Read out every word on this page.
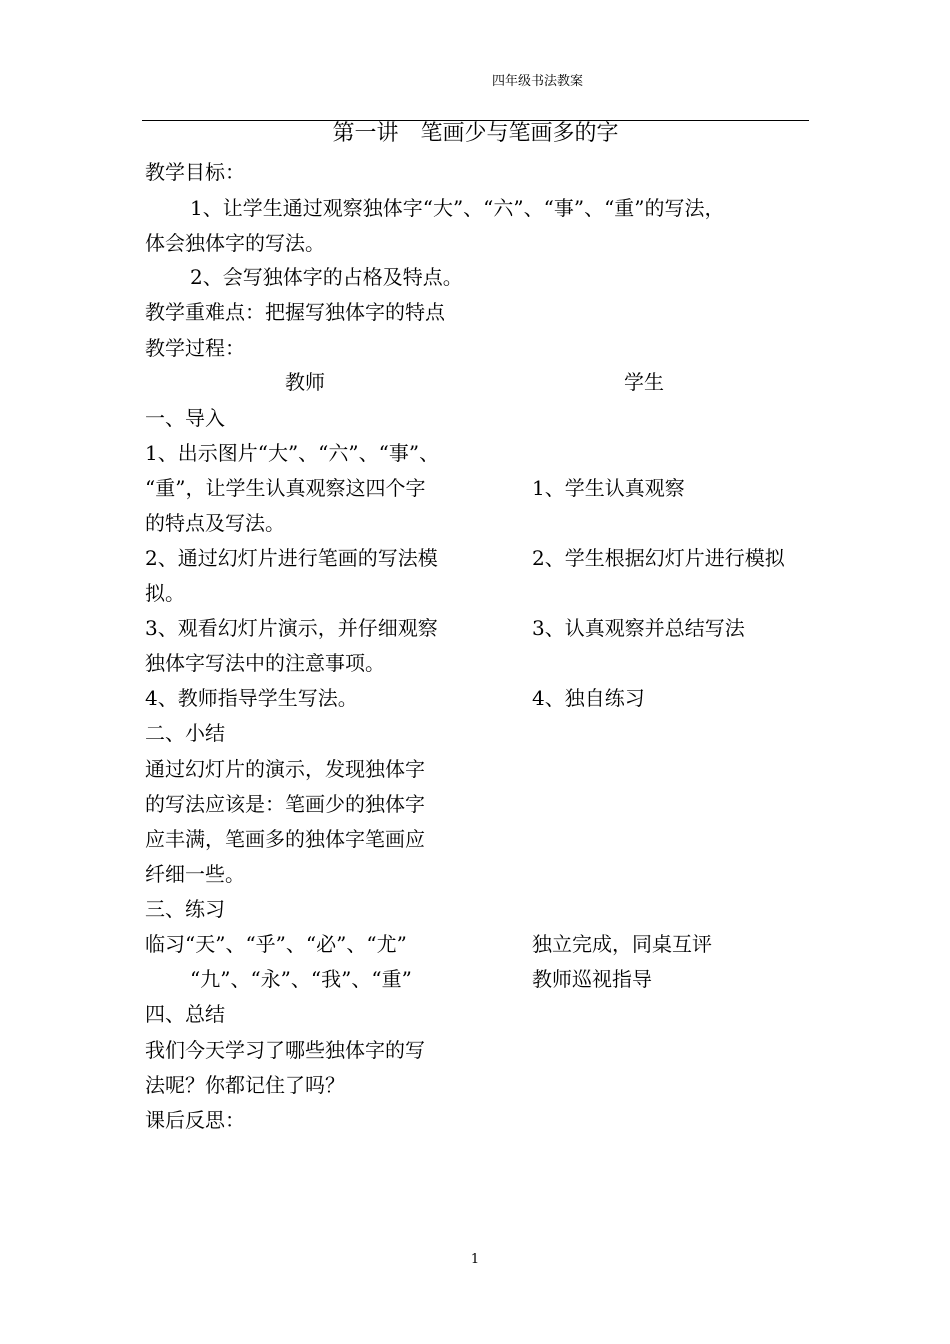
四年级书法教案
第一讲　笔画少与笔画多的字
教学目标：
1、让学生通过观察独体字“大”、“六”、“事”、“重”的写法，
体会独体字的写法。
2、会写独体字的占格及特点。
教学重难点：把握写独体字的特点
教学过程：
教师	学生
一、导入
1、出示图片“大”、“六”、“事”、
“重”，让学生认真观察这四个字
的特点及写法。
2、通过幻灯片进行笔画的写法模
拟。
3、观看幻灯片演示，并仔细观察
独体字写法中的注意事项。
4、教师指导学生写法。
1、学生认真观察
2、学生根据幻灯片进行模拟
3、认真观察并总结写法
4、独自练习
二、小结
通过幻灯片的演示，发现独体字
的写法应该是：笔画少的独体字
应丰满，笔画多的独体字笔画应
纤细一些。
三、练习
临习“天”、“乎”、“必”、“尤”
“九”、“永”、“我”、“重”
独立完成，同桌互评
教师巡视指导
四、总结
我们今天学习了哪些独体字的写
法呢？你都记住了吗？
课后反思：
1
